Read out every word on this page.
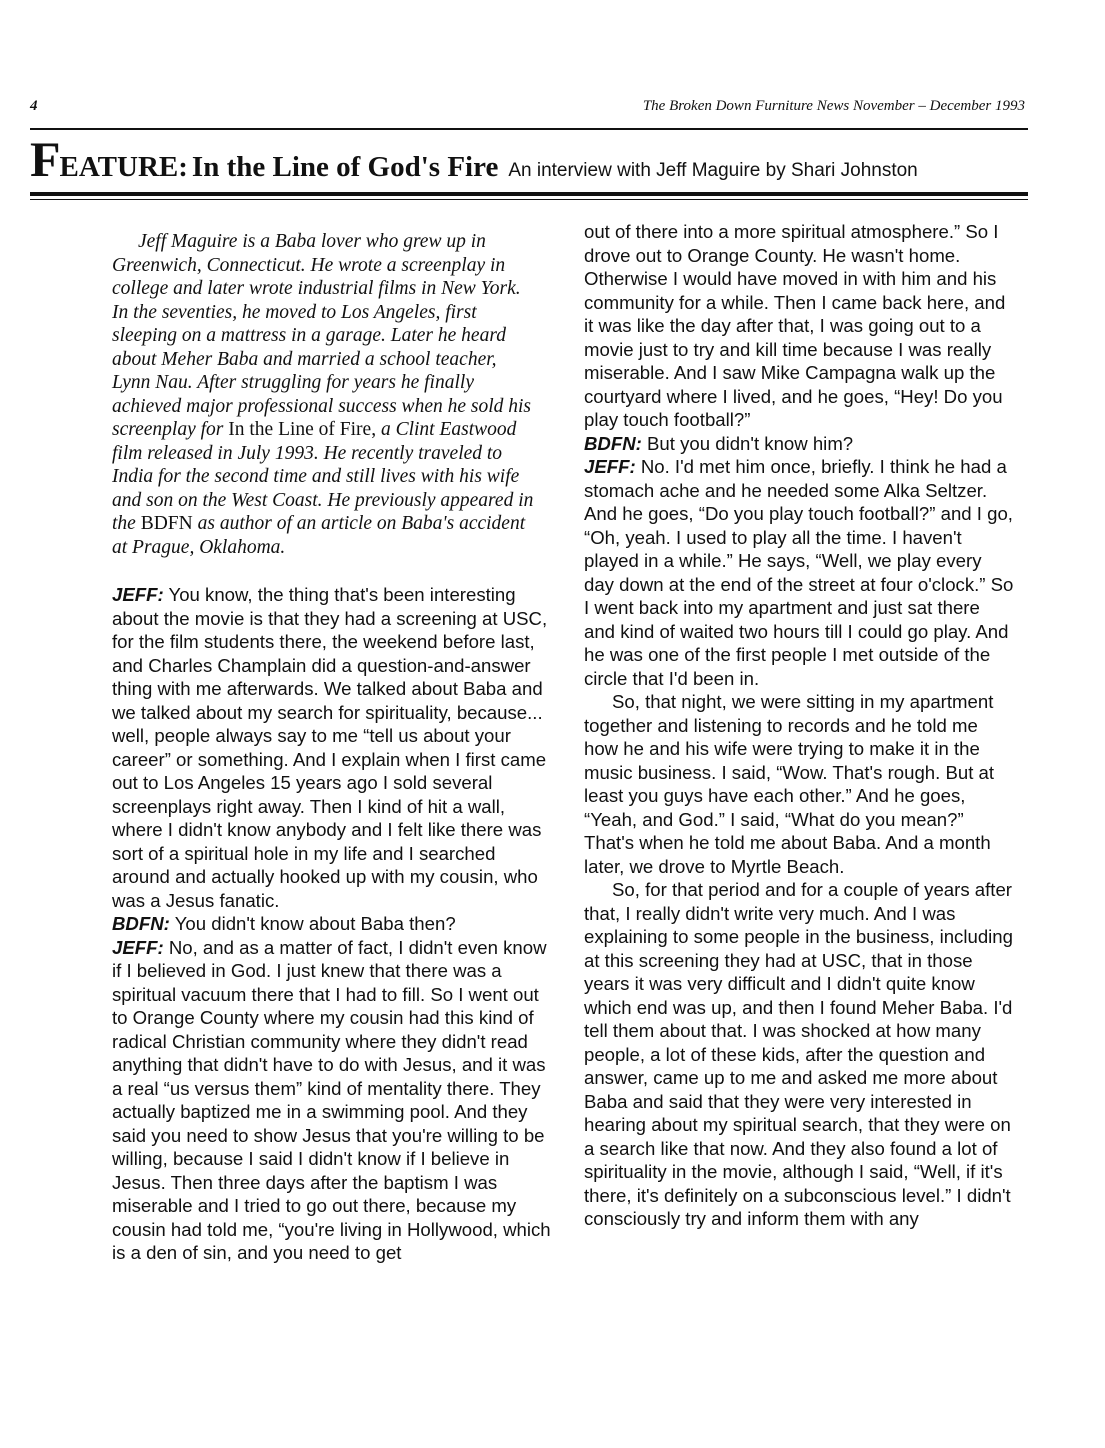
4	The Broken Down Furniture News November – December 1993
FEATURE: In the Line of God's Fire An interview with Jeff Maguire by Shari Johnston
Jeff Maguire is a Baba lover who grew up in Greenwich, Connecticut. He wrote a screenplay in college and later wrote industrial films in New York. In the seventies, he moved to Los Angeles, first sleeping on a mattress in a garage. Later he heard about Meher Baba and married a school teacher, Lynn Nau. After struggling for years he finally achieved major professional success when he sold his screenplay for In the Line of Fire, a Clint Eastwood film released in July 1993. He recently traveled to India for the second time and still lives with his wife and son on the West Coast. He previously appeared in the BDFN as author of an article on Baba's accident at Prague, Oklahoma.

JEFF: You know, the thing that's been interesting about the movie is that they had a screening at USC, for the film students there, the weekend before last, and Charles Champlain did a question-and-answer thing with me afterwards. We talked about Baba and we talked about my search for spirituality, because... well, people always say to me “tell us about your career” or something. And I explain when I first came out to Los Angeles 15 years ago I sold several screenplays right away. Then I kind of hit a wall, where I didn't know anybody and I felt like there was sort of a spiritual hole in my life and I searched around and actually hooked up with my cousin, who was a Jesus fanatic.

BDFN: You didn't know about Baba then?

JEFF: No, and as a matter of fact, I didn't even know if I believed in God. I just knew that there was a spiritual vacuum there that I had to fill. So I went out to Orange County where my cousin had this kind of radical Christian community where they didn't read anything that didn't have to do with Jesus, and it was a real “us versus them” kind of mentality there. They actually baptized me in a swimming pool. And they said you need to show Jesus that you're willing to be willing, because I said I didn't know if I believe in Jesus. Then three days after the baptism I was miserable and I tried to go out there, because my cousin had told me, “you're living in Hollywood, which is a den of sin, and you need to get

out of there into a more spiritual atmosphere.” So I drove out to Orange County. He wasn't home. Otherwise I would have moved in with him and his community for a while. Then I came back here, and it was like the day after that, I was going out to a movie just to try and kill time because I was really miserable. And I saw Mike Campagna walk up the courtyard where I lived, and he goes, “Hey! Do you play touch football?”

BDFN: But you didn't know him?

JEFF: No. I'd met him once, briefly. I think he had a stomach ache and he needed some Alka Seltzer. And he goes, “Do you play touch football?” and I go, “Oh, yeah. I used to play all the time. I haven't played in a while.” He says, “Well, we play every day down at the end of the street at four o'clock.” So I went back into my apartment and just sat there and kind of waited two hours till I could go play. And he was one of the first people I met outside of the circle that I'd been in.

So, that night, we were sitting in my apartment together and listening to records and he told me how he and his wife were trying to make it in the music business. I said, “Wow. That's rough. But at least you guys have each other.” And he goes, “Yeah, and God.” I said, “What do you mean?” That's when he told me about Baba. And a month later, we drove to Myrtle Beach.

So, for that period and for a couple of years after that, I really didn't write very much. And I was explaining to some people in the business, including at this screening they had at USC, that in those years it was very difficult and I didn't quite know which end was up, and then I found Meher Baba. I'd tell them about that. I was shocked at how many people, a lot of these kids, after the question and answer, came up to me and asked me more about Baba and said that they were very interested in hearing about my spiritual search, that they were on a search like that now. And they also found a lot of spirituality in the movie, although I said, “Well, if it's there, it's definitely on a subconscious level.” I didn't consciously try and inform them with any
